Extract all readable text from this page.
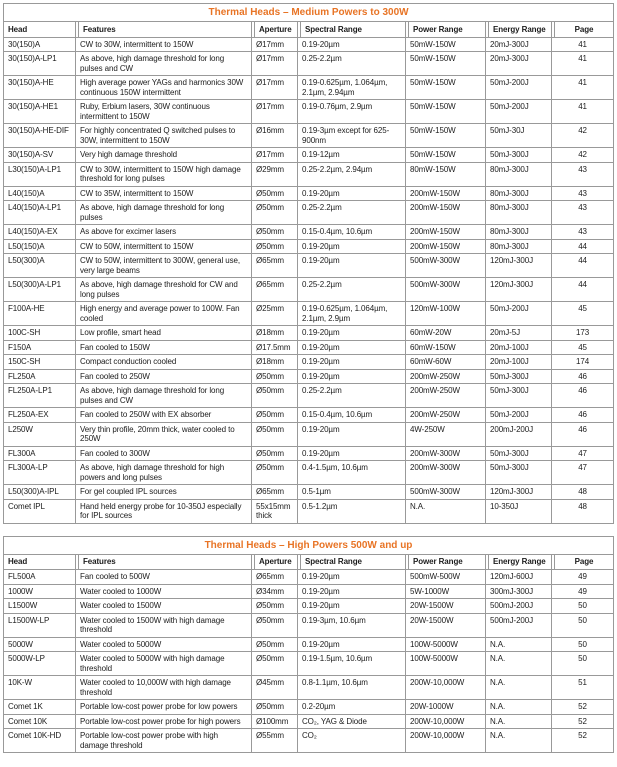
Thermal Heads – Medium Powers to 300W						
Head	Features	Aperture	Spectral Range	Power Range	Energy Range	Page
30(150)A	CW to 30W, intermittent to 150W	Ø17mm	0.19-20µm	50mW-150W	20mJ-300J	41
30(150)A-LP1	As above, high damage threshold for long pulses and CW	Ø17mm	0.25-2.2µm	50mW-150W	20mJ-300J	41
30(150)A-HE	High average power YAGs and harmonics 30W continuous 150W intermittent	Ø17mm	0.19-0.625µm, 1.064µm, 2.1µm, 2.94µm	50mW-150W	50mJ-200J	41
30(150)A-HE1	Ruby, Erbium lasers, 30W continuous intermittent to 150W	Ø17mm	0.19-0.76µm, 2.9µm	50mW-150W	50mJ-200J	41
30(150)A-HE-DIF	For highly concentrated Q switched pulses to 30W, intermittent to 150W	Ø16mm	0.19-3µm except for 625-900nm	50mW-150W	50mJ-30J	42
30(150)A-SV	Very high damage threshold	Ø17mm	0.19-12µm	50mW-150W	50mJ-300J	42
L30(150)A-LP1	CW to 30W, intermittent to 150W high damage threshold for long pulses	Ø29mm	0.25-2.2µm, 2.94µm	80mW-150W	80mJ-300J	43
L40(150)A	CW to 35W, intermittent to 150W	Ø50mm	0.19-20µm	200mW-150W	80mJ-300J	43
L40(150)A-LP1	As above, high damage threshold for long pulses	Ø50mm	0.25-2.2µm	200mW-150W	80mJ-300J	43
L40(150)A-EX	As above for excimer lasers	Ø50mm	0.15-0.4µm, 10.6µm	200mW-150W	80mJ-300J	43
L50(150)A	CW to 50W, intermittent to 150W	Ø50mm	0.19-20µm	200mW-150W	80mJ-300J	44
L50(300)A	CW to 50W, intermittent to 300W, general use, very large beams	Ø65mm	0.19-20µm	500mW-300W	120mJ-300J	44
L50(300)A-LP1	As above, high damage threshold for CW and long pulses	Ø65mm	0.25-2.2µm	500mW-300W	120mJ-300J	44
F100A-HE	High energy and average power to 100W. Fan cooled	Ø25mm	0.19-0.625µm, 1.064µm, 2.1µm, 2.9µm	120mW-100W	50mJ-200J	45
100C-SH	Low profile, smart head	Ø18mm	0.19-20µm	60mW-20W	20mJ-5J	173
F150A	Fan cooled to 150W	Ø17.5mm	0.19-20µm	60mW-150W	20mJ-100J	45
150C-SH	Compact conduction cooled	Ø18mm	0.19-20µm	60mW-60W	20mJ-100J	174
FL250A	Fan cooled to 250W	Ø50mm	0.19-20µm	200mW-250W	50mJ-300J	46
FL250A-LP1	As above, high damage threshold for long pulses and CW	Ø50mm	0.25-2.2µm	200mW-250W	50mJ-300J	46
FL250A-EX	Fan cooled to 250W with EX absorber	Ø50mm	0.15-0.4µm, 10.6µm	200mW-250W	50mJ-200J	46
L250W	Very thin profile, 20mm thick, water cooled to 250W	Ø50mm	0.19-20µm	4W-250W	200mJ-200J	46
FL300A	Fan cooled to 300W	Ø50mm	0.19-20µm	200mW-300W	50mJ-300J	47
FL300A-LP	As above, high damage threshold for high powers and long pulses	Ø50mm	0.4-1.5µm, 10.6µm	200mW-300W	50mJ-300J	47
L50(300)A-IPL	For gel coupled IPL sources	Ø65mm	0.5-1µm	500mW-300W	120mJ-300J	48
Comet IPL	Hand held energy probe for 10-350J especially for IPL sources	55x15mm thick	0.5-1.2µm	N.A.	10-350J	48
Thermal Heads – High Powers 500W and up						
Head	Features	Aperture	Spectral Range	Power Range	Energy Range	Page
FL500A	Fan cooled to 500W	Ø65mm	0.19-20µm	500mW-500W	120mJ-600J	49
1000W	Water cooled to 1000W	Ø34mm	0.19-20µm	5W-1000W	300mJ-300J	49
L1500W	Water cooled to 1500W	Ø50mm	0.19-20µm	20W-1500W	500mJ-200J	50
L1500W-LP	Water cooled to 1500W with high damage threshold	Ø50mm	0.19-3µm, 10.6µm	20W-1500W	500mJ-200J	50
5000W	Water cooled to 5000W	Ø50mm	0.19-20µm	100W-5000W	N.A.	50
5000W-LP	Water cooled to 5000W with high damage threshold	Ø50mm	0.19-1.5µm, 10.6µm	100W-5000W	N.A.	50
10K-W	Water cooled to 10,000W with high damage threshold	Ø45mm	0.8-1.1µm, 10.6µm	200W-10,000W	N.A.	51
Comet 1K	Portable low-cost power probe for low powers	Ø50mm	0.2-20µm	20W-1000W	N.A.	52
Comet 10K	Portable low-cost power probe for high powers	Ø100mm	CO₂, YAG & Diode	200W-10,000W	N.A.	52
Comet 10K-HD	Portable low-cost power probe with high damage threshold	Ø55mm	CO₂	200W-10,000W	N.A.	52
